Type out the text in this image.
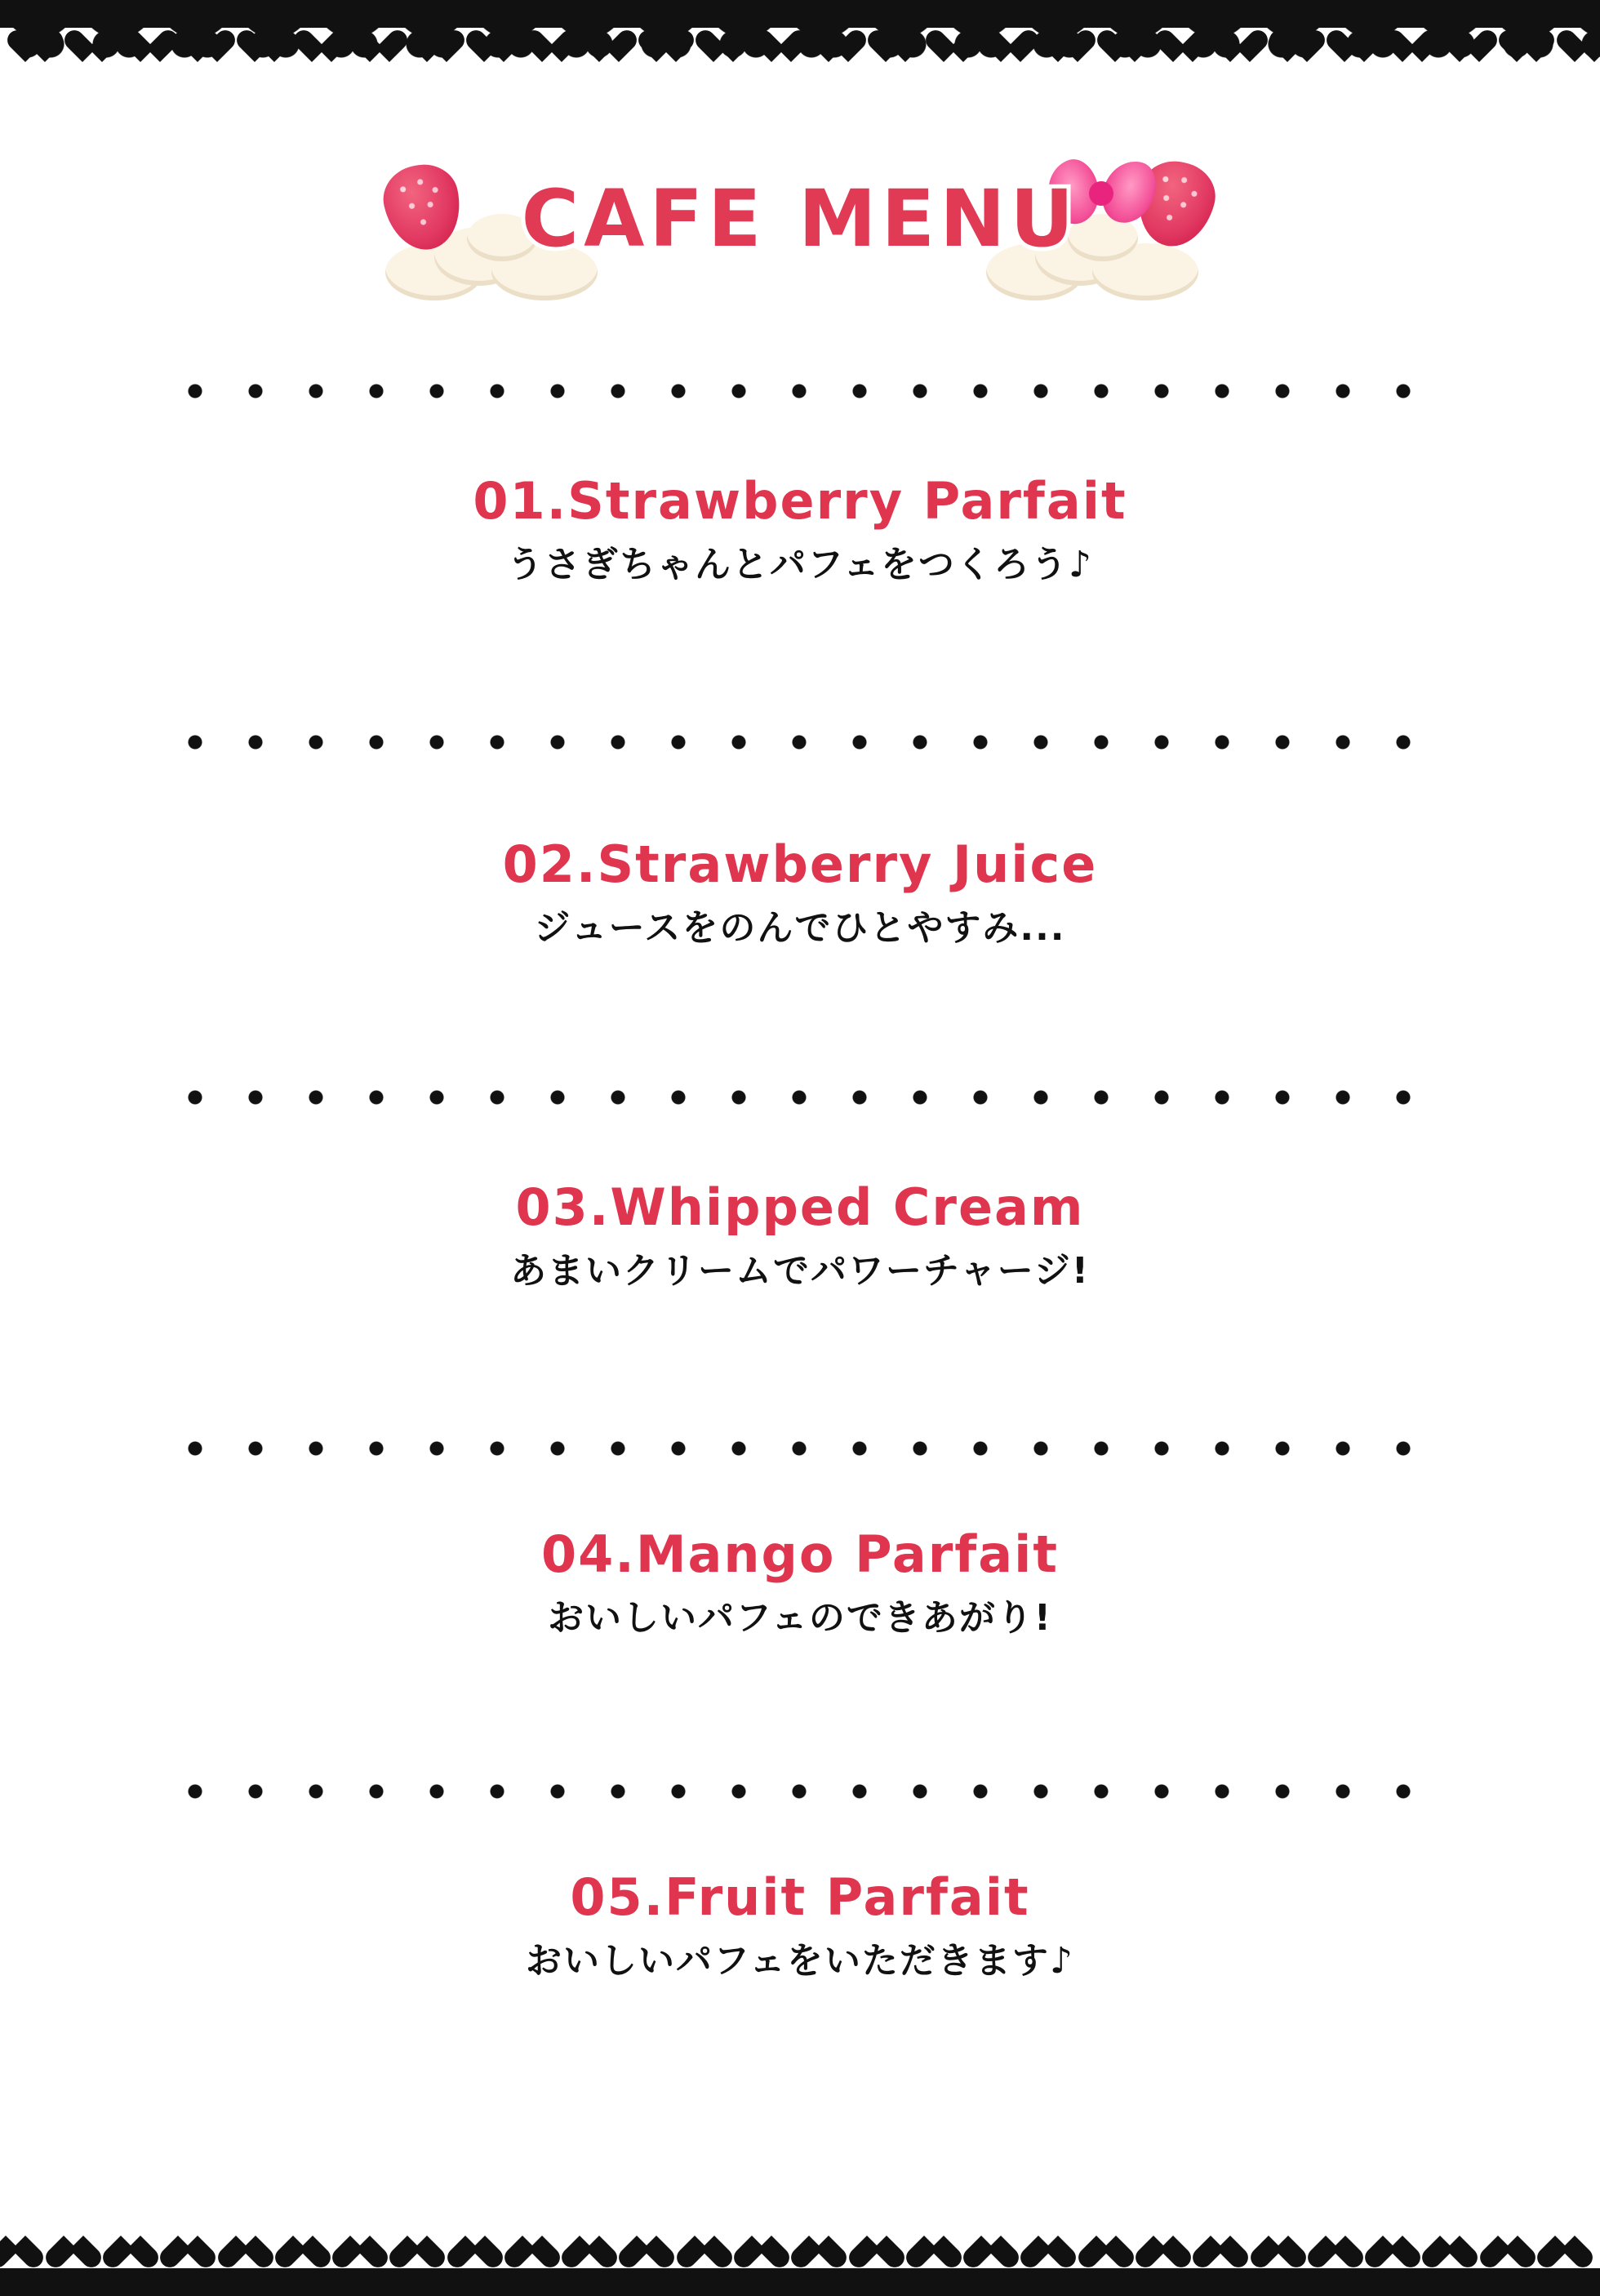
CAFE MENU
01.Strawberry Parfait
うさぎちゃんとパフェをつくろう♪
02.Strawberry Juice
ジュースをのんでひとやすみ...
03.Whipped Cream
あまいクリームでパワーチャージ!
04.Mango Parfait
おいしいパフェのできあがり!
05.Fruit Parfait
おいしいパフェをいただきます♪
